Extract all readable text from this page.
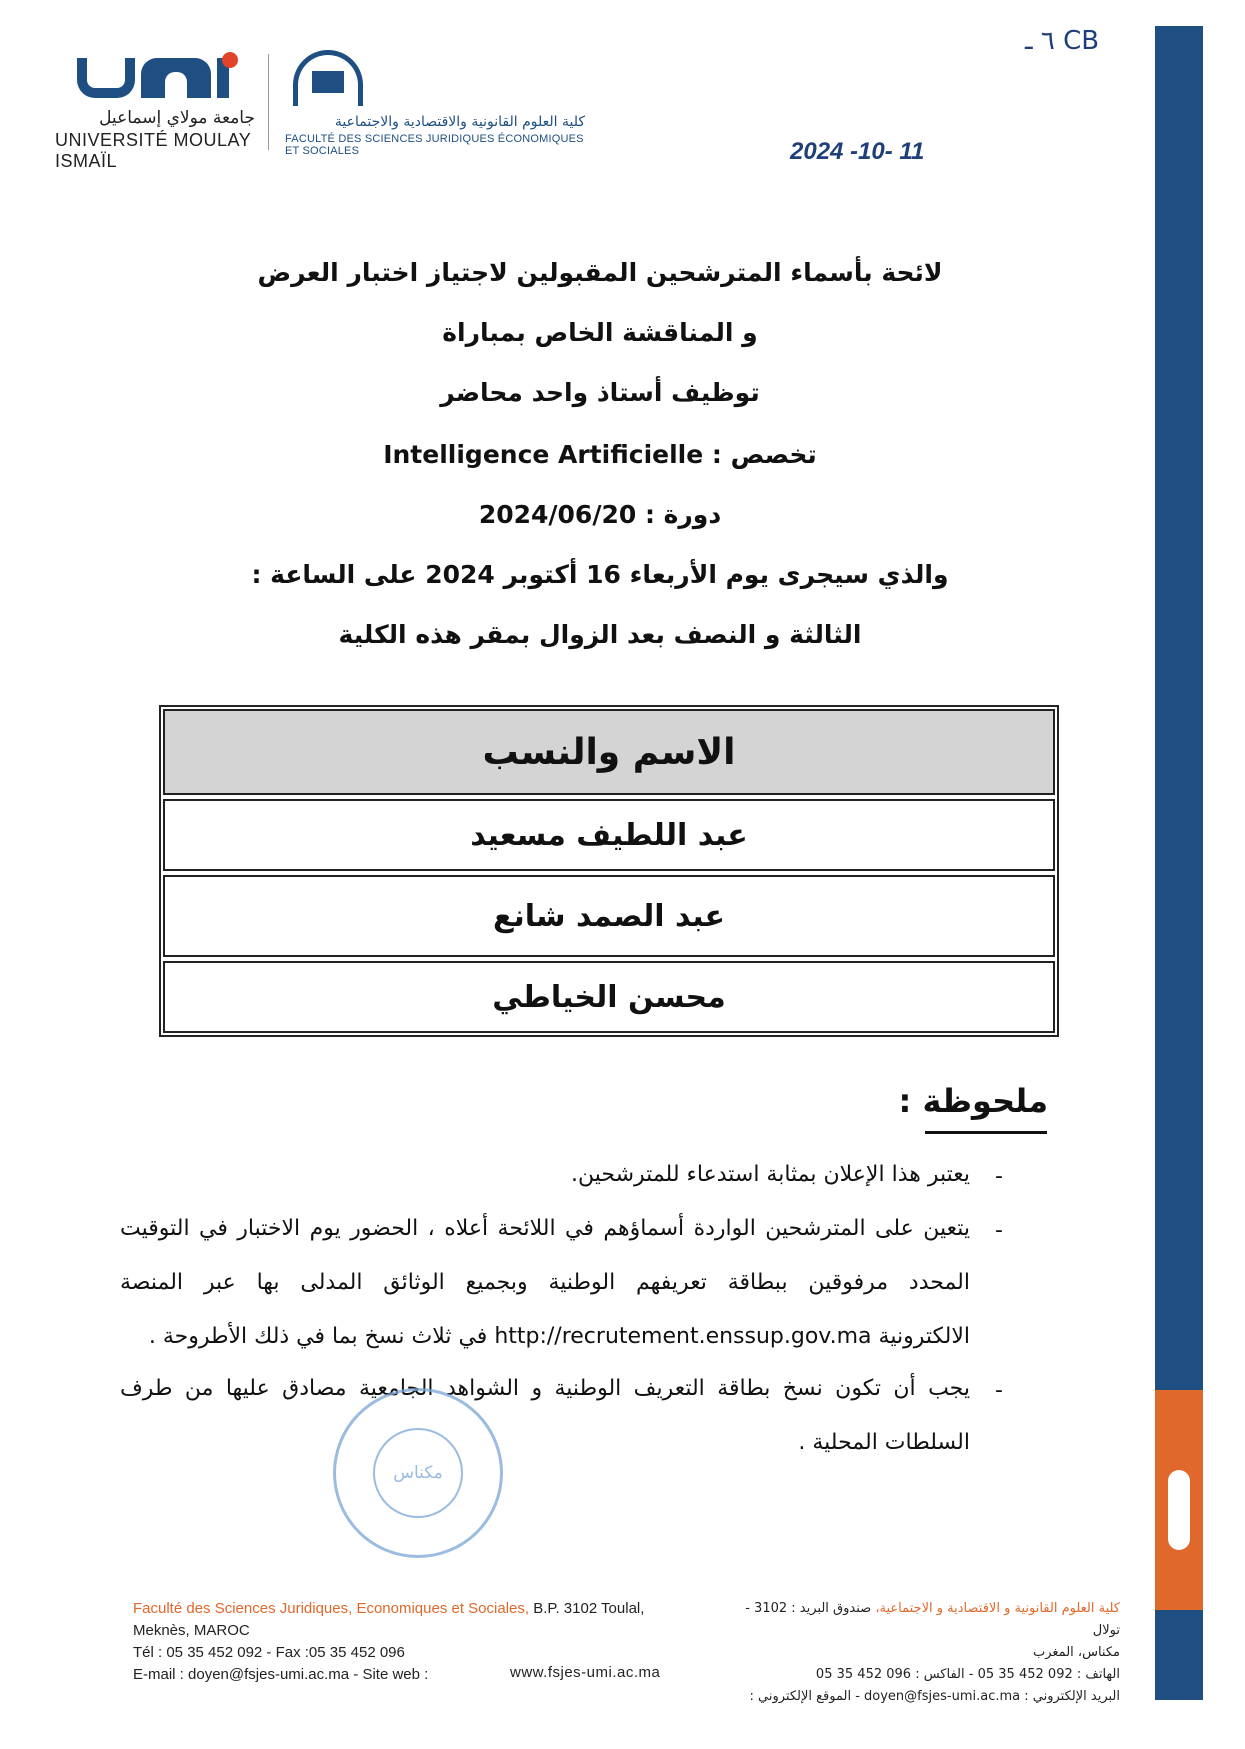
جامعة مولاي إسماعيل
UNIVERSITÉ MOULAY ISMAÏL
كلية العلوم القانونية والاقتصادية والاجتماعية
FACULTÉ DES SCIENCES JURIDIQUES ÉCONOMIQUES ET SOCIALES
٦ ـ CB
2024 -10- 11
لائحة بأسماء المترشحين المقبولين لاجتياز اختبار العرض
و المناقشة الخاص بمباراة
توظيف أستاذ واحد محاضر
تخصص : Intelligence Artificielle
دورة : 2024/06/20
والذي سيجرى يوم الأربعاء 16 أكتوبر 2024 على الساعة :
الثالثة و النصف بعد الزوال بمقر هذه الكلية
الاسم والنسب
عبد اللطيف مسعيد
عبد الصمد شانع
محسن الخياطي
ملحوظة :
-
يعتبر هذا الإعلان بمثابة استدعاء للمترشحين.
-
يتعين على المترشحين الواردة أسماؤهم في اللائحة أعلاه ، الحضور يوم الاختبار في التوقيت
المحدد مرفوقين ببطاقة تعريفهم الوطنية وبجميع الوثائق المدلى بها عبر المنصة
الالكترونية http://recrutement.enssup.gov.ma في ثلاث نسخ بما في ذلك الأطروحة .
-
يجب أن تكون نسخ بطاقة التعريف الوطنية و الشواهد الجامعية مصادق عليها من طرف
السلطات المحلية .
مكناس
Faculté des Sciences Juridiques, Economiques et Sociales, B.P. 3102 Toulal,
Meknès, MAROC
Tél : 05 35 452 092 - Fax :05 35 452 096
E-mail : doyen@fsjes-umi.ac.ma - Site web :	www.fsjes-umi.ac.ma
كلية العلوم القانونية و الاقتصادية و الاجتماعية، صندوق البريد : 3102 - تولال
مكناس، المغرب
الهاتف : 092 452 35 05 - الفاكس : 096 452 35 05
البريد الإلكتروني : doyen@fsjes-umi.ac.ma - الموقع الإلكتروني :
